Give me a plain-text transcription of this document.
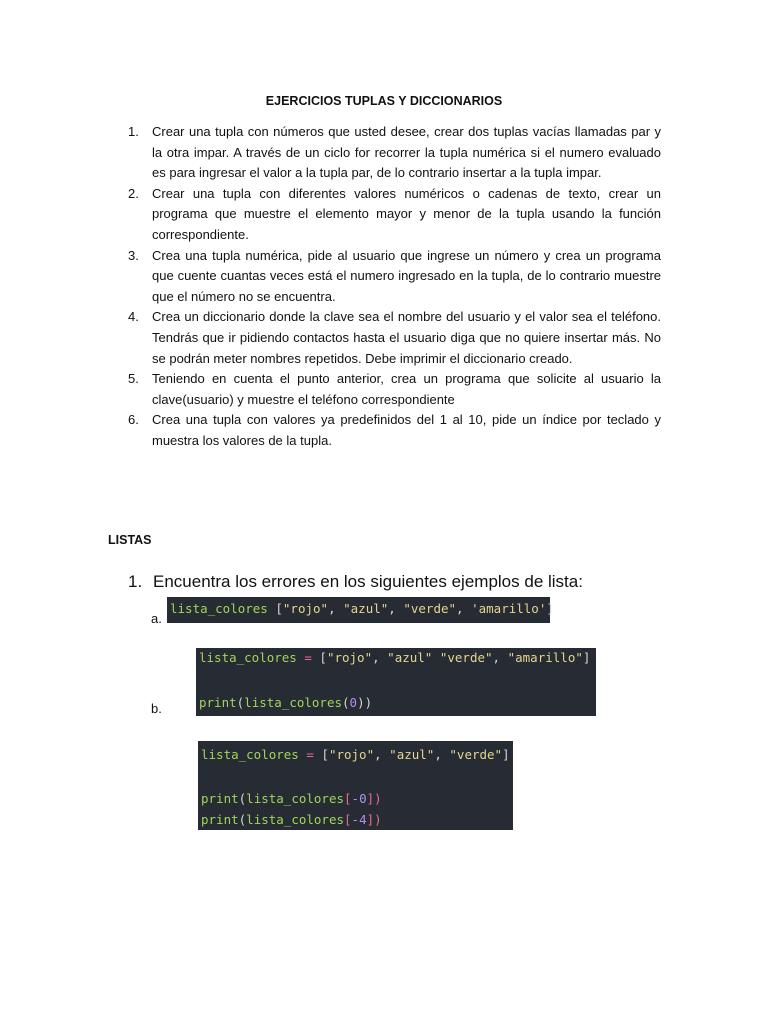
EJERCICIOS TUPLAS Y DICCIONARIOS
1. Crear una tupla con números que usted desee, crear dos tuplas vacías llamadas par y la otra impar. A través de un ciclo for recorrer la tupla numérica si el numero evaluado es para ingresar el valor a la tupla par, de lo contrario insertar a la tupla impar.
2. Crear una tupla con diferentes valores numéricos o cadenas de texto, crear un programa que muestre el elemento mayor y menor de la tupla usando la función correspondiente.
3. Crea una tupla numérica, pide al usuario que ingrese un número y crea un programa que cuente cuantas veces está el numero ingresado en la tupla, de lo contrario muestre que el número no se encuentra.
4. Crea un diccionario donde la clave sea el nombre del usuario y el valor sea el teléfono. Tendrás que ir pidiendo contactos hasta el usuario diga que no quiere insertar más. No se podrán meter nombres repetidos. Debe imprimir el diccionario creado.
5. Teniendo en cuenta el punto anterior, crea un programa que solicite al usuario la clave(usuario) y muestre el teléfono correspondiente
6. Crea una tupla con valores ya predefinidos del 1 al 10, pide un índice por teclado y muestra los valores de la tupla.
LISTAS
1. Encuentra los errores en los siguientes ejemplos de lista:
a.

lista_colores ["rojo", "azul", "verde", 'amarillo']

b.

lista_colores = ["rojo", "azul" "verde", "amarillo"]

print(lista_colores(0))

lista_colores = ["rojo", "azul", "verde"]

print(lista_colores[-0])

print(lista_colores[-4])
